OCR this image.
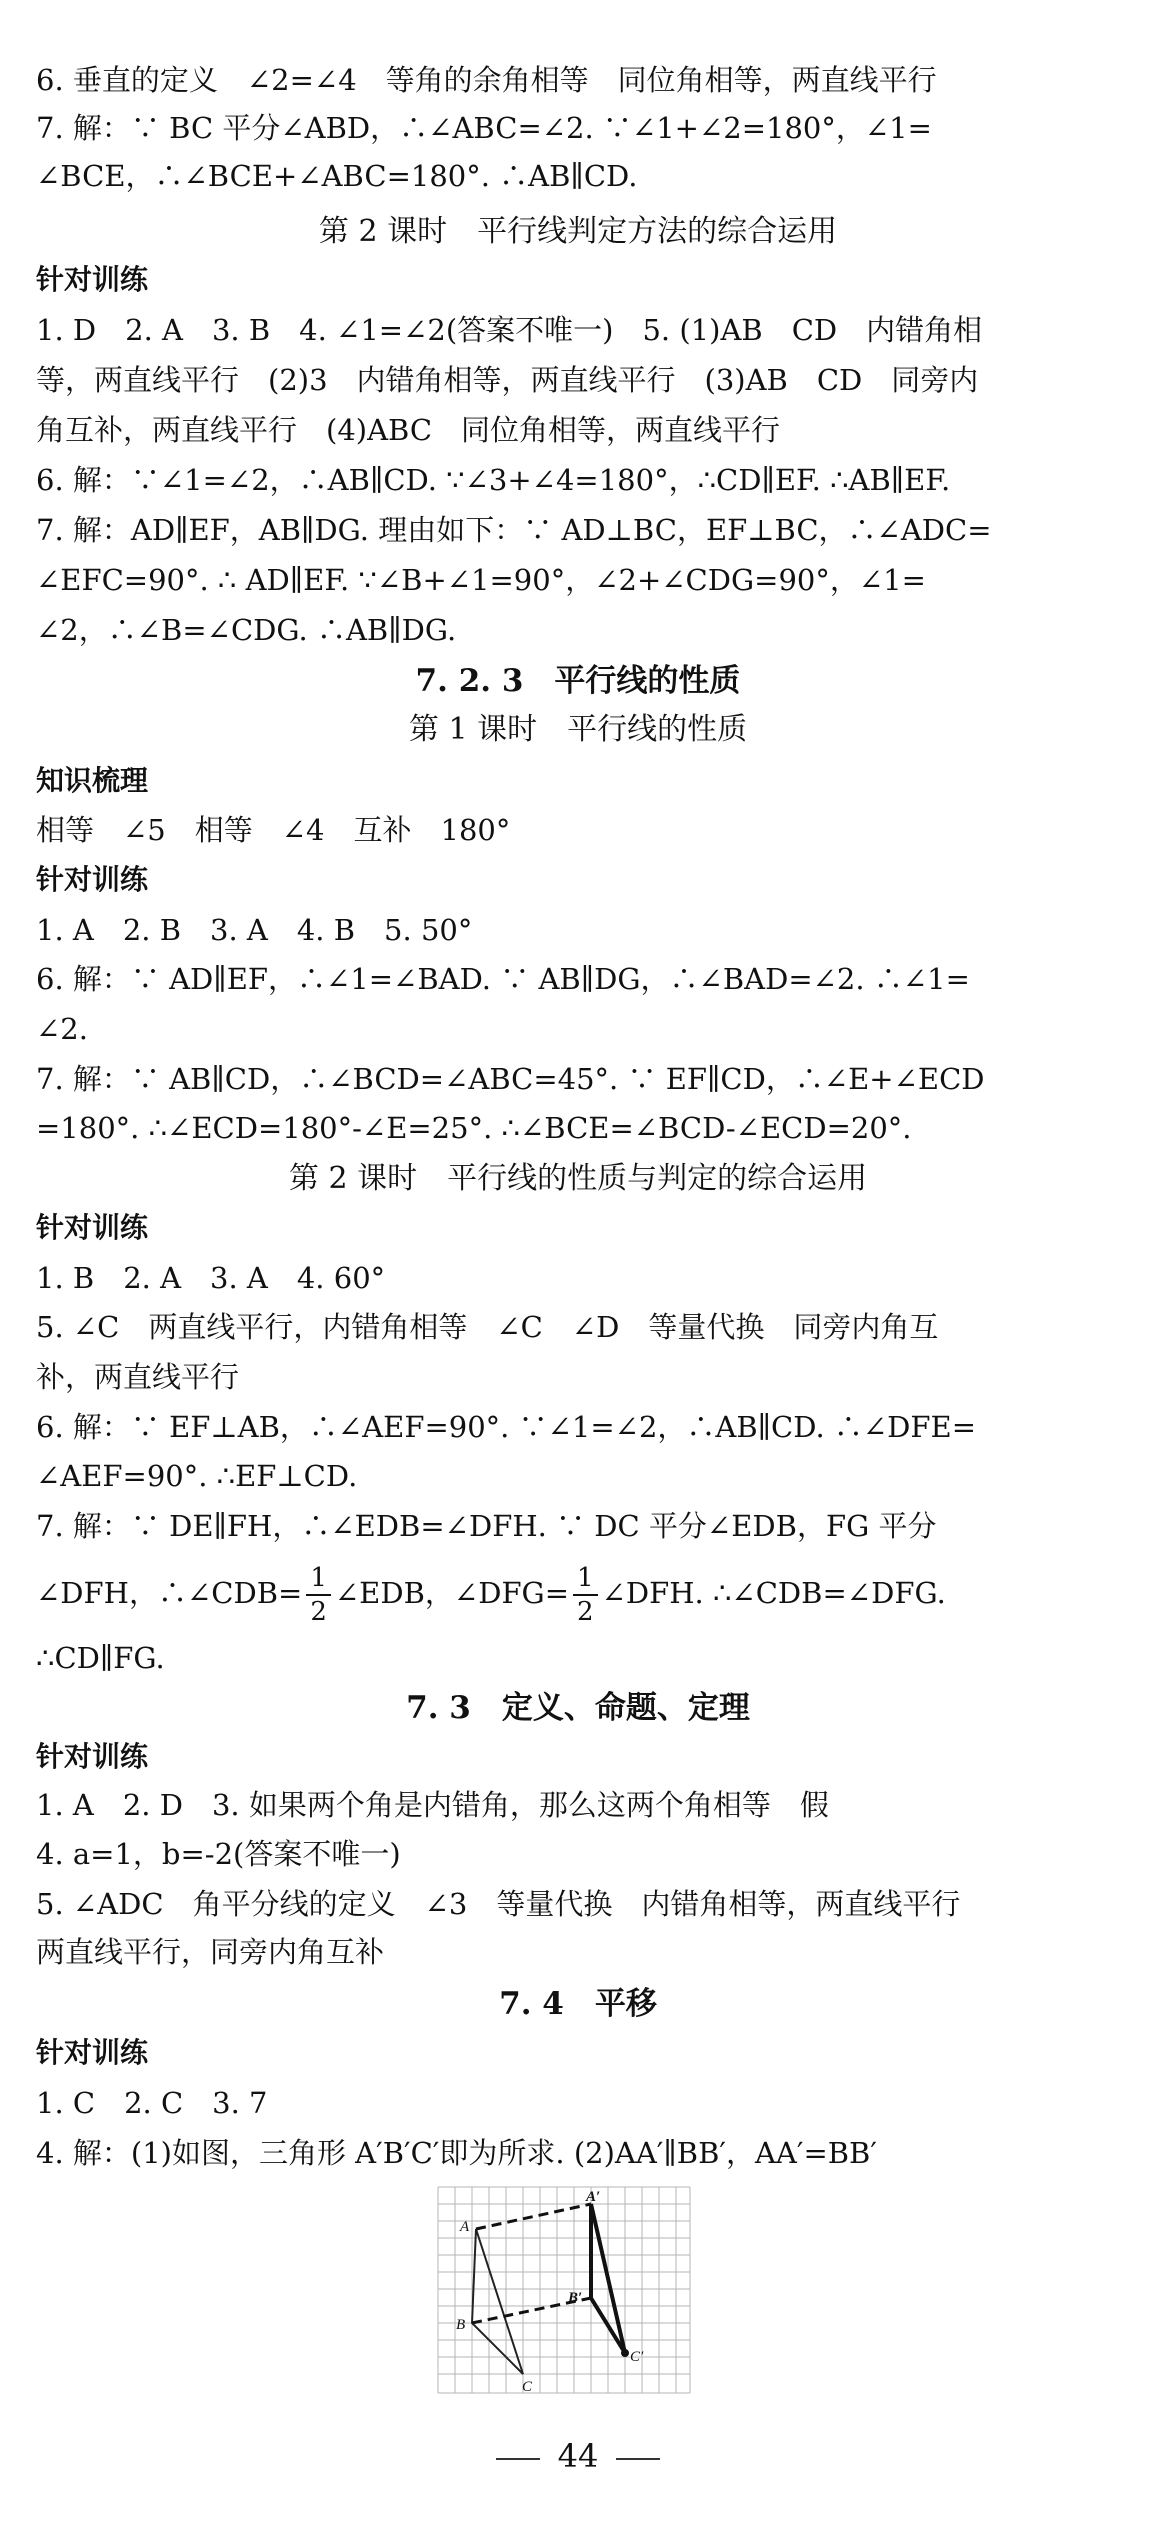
6. 垂直的定义　∠2=∠4　等角的余角相等　同位角相等，两直线平行
7. 解：∵ BC 平分∠ABD，∴∠ABC=∠2. ∵∠1+∠2=180°，∠1=
∠BCE，∴∠BCE+∠ABC=180°. ∴AB∥CD.
第 2 课时　平行线判定方法的综合运用
针对训练
1. D　2. A　3. B　4. ∠1=∠2(答案不唯一)　5. (1)AB　CD　内错角相
等，两直线平行　(2)3　内错角相等，两直线平行　(3)AB　CD　同旁内
角互补，两直线平行　(4)ABC　同位角相等，两直线平行
6. 解：∵∠1=∠2，∴AB∥CD. ∵∠3+∠4=180°，∴CD∥EF. ∴AB∥EF.
7. 解：AD∥EF，AB∥DG. 理由如下：∵ AD⊥BC，EF⊥BC，∴∠ADC=
∠EFC=90°. ∴ AD∥EF. ∵∠B+∠1=90°，∠2+∠CDG=90°，∠1=
∠2，∴∠B=∠CDG. ∴AB∥DG.
7. 2. 3　平行线的性质
第 1 课时　平行线的性质
知识梳理
相等　∠5　相等　∠4　互补　180°
针对训练
1. A　2. B　3. A　4. B　5. 50°
6. 解：∵ AD∥EF，∴∠1=∠BAD. ∵ AB∥DG，∴∠BAD=∠2. ∴∠1=
∠2.
7. 解：∵ AB∥CD，∴∠BCD=∠ABC=45°. ∵ EF∥CD，∴∠E+∠ECD
=180°. ∴∠ECD=180°-∠E=25°. ∴∠BCE=∠BCD-∠ECD=20°.
第 2 课时　平行线的性质与判定的综合运用
针对训练
1. B　2. A　3. A　4. 60°
5. ∠C　两直线平行，内错角相等　∠C　∠D　等量代换　同旁内角互
补，两直线平行
6. 解：∵ EF⊥AB，∴∠AEF=90°. ∵∠1=∠2，∴AB∥CD. ∴∠DFE=
∠AEF=90°. ∴EF⊥CD.
7. 解：∵ DE∥FH，∴∠EDB=∠DFH. ∵ DC 平分∠EDB，FG 平分
∠DFH，∴∠CDB= $\frac{1}{2}$ ∠EDB，∠DFG= $\frac{1}{2}$ ∠DFH. ∴∠CDB=∠DFG.
∴CD∥FG.
7. 3　定义、命题、定理
针对训练
1. A　2. D　3. 如果两个角是内错角，那么这两个角相等　假
4. a=1，b=-2(答案不唯一)
5. ∠ADC　角平分线的定义　∠3　等量代换　内错角相等，两直线平行
两直线平行，同旁内角互补
7. 4　平移
针对训练
1. C　2. C　3. 7
4. 解：(1)如图，三角形 A′B′C′即为所求. (2)AA′∥BB′，AA′=BB′
A
B
C
A′
B′
C′
44
